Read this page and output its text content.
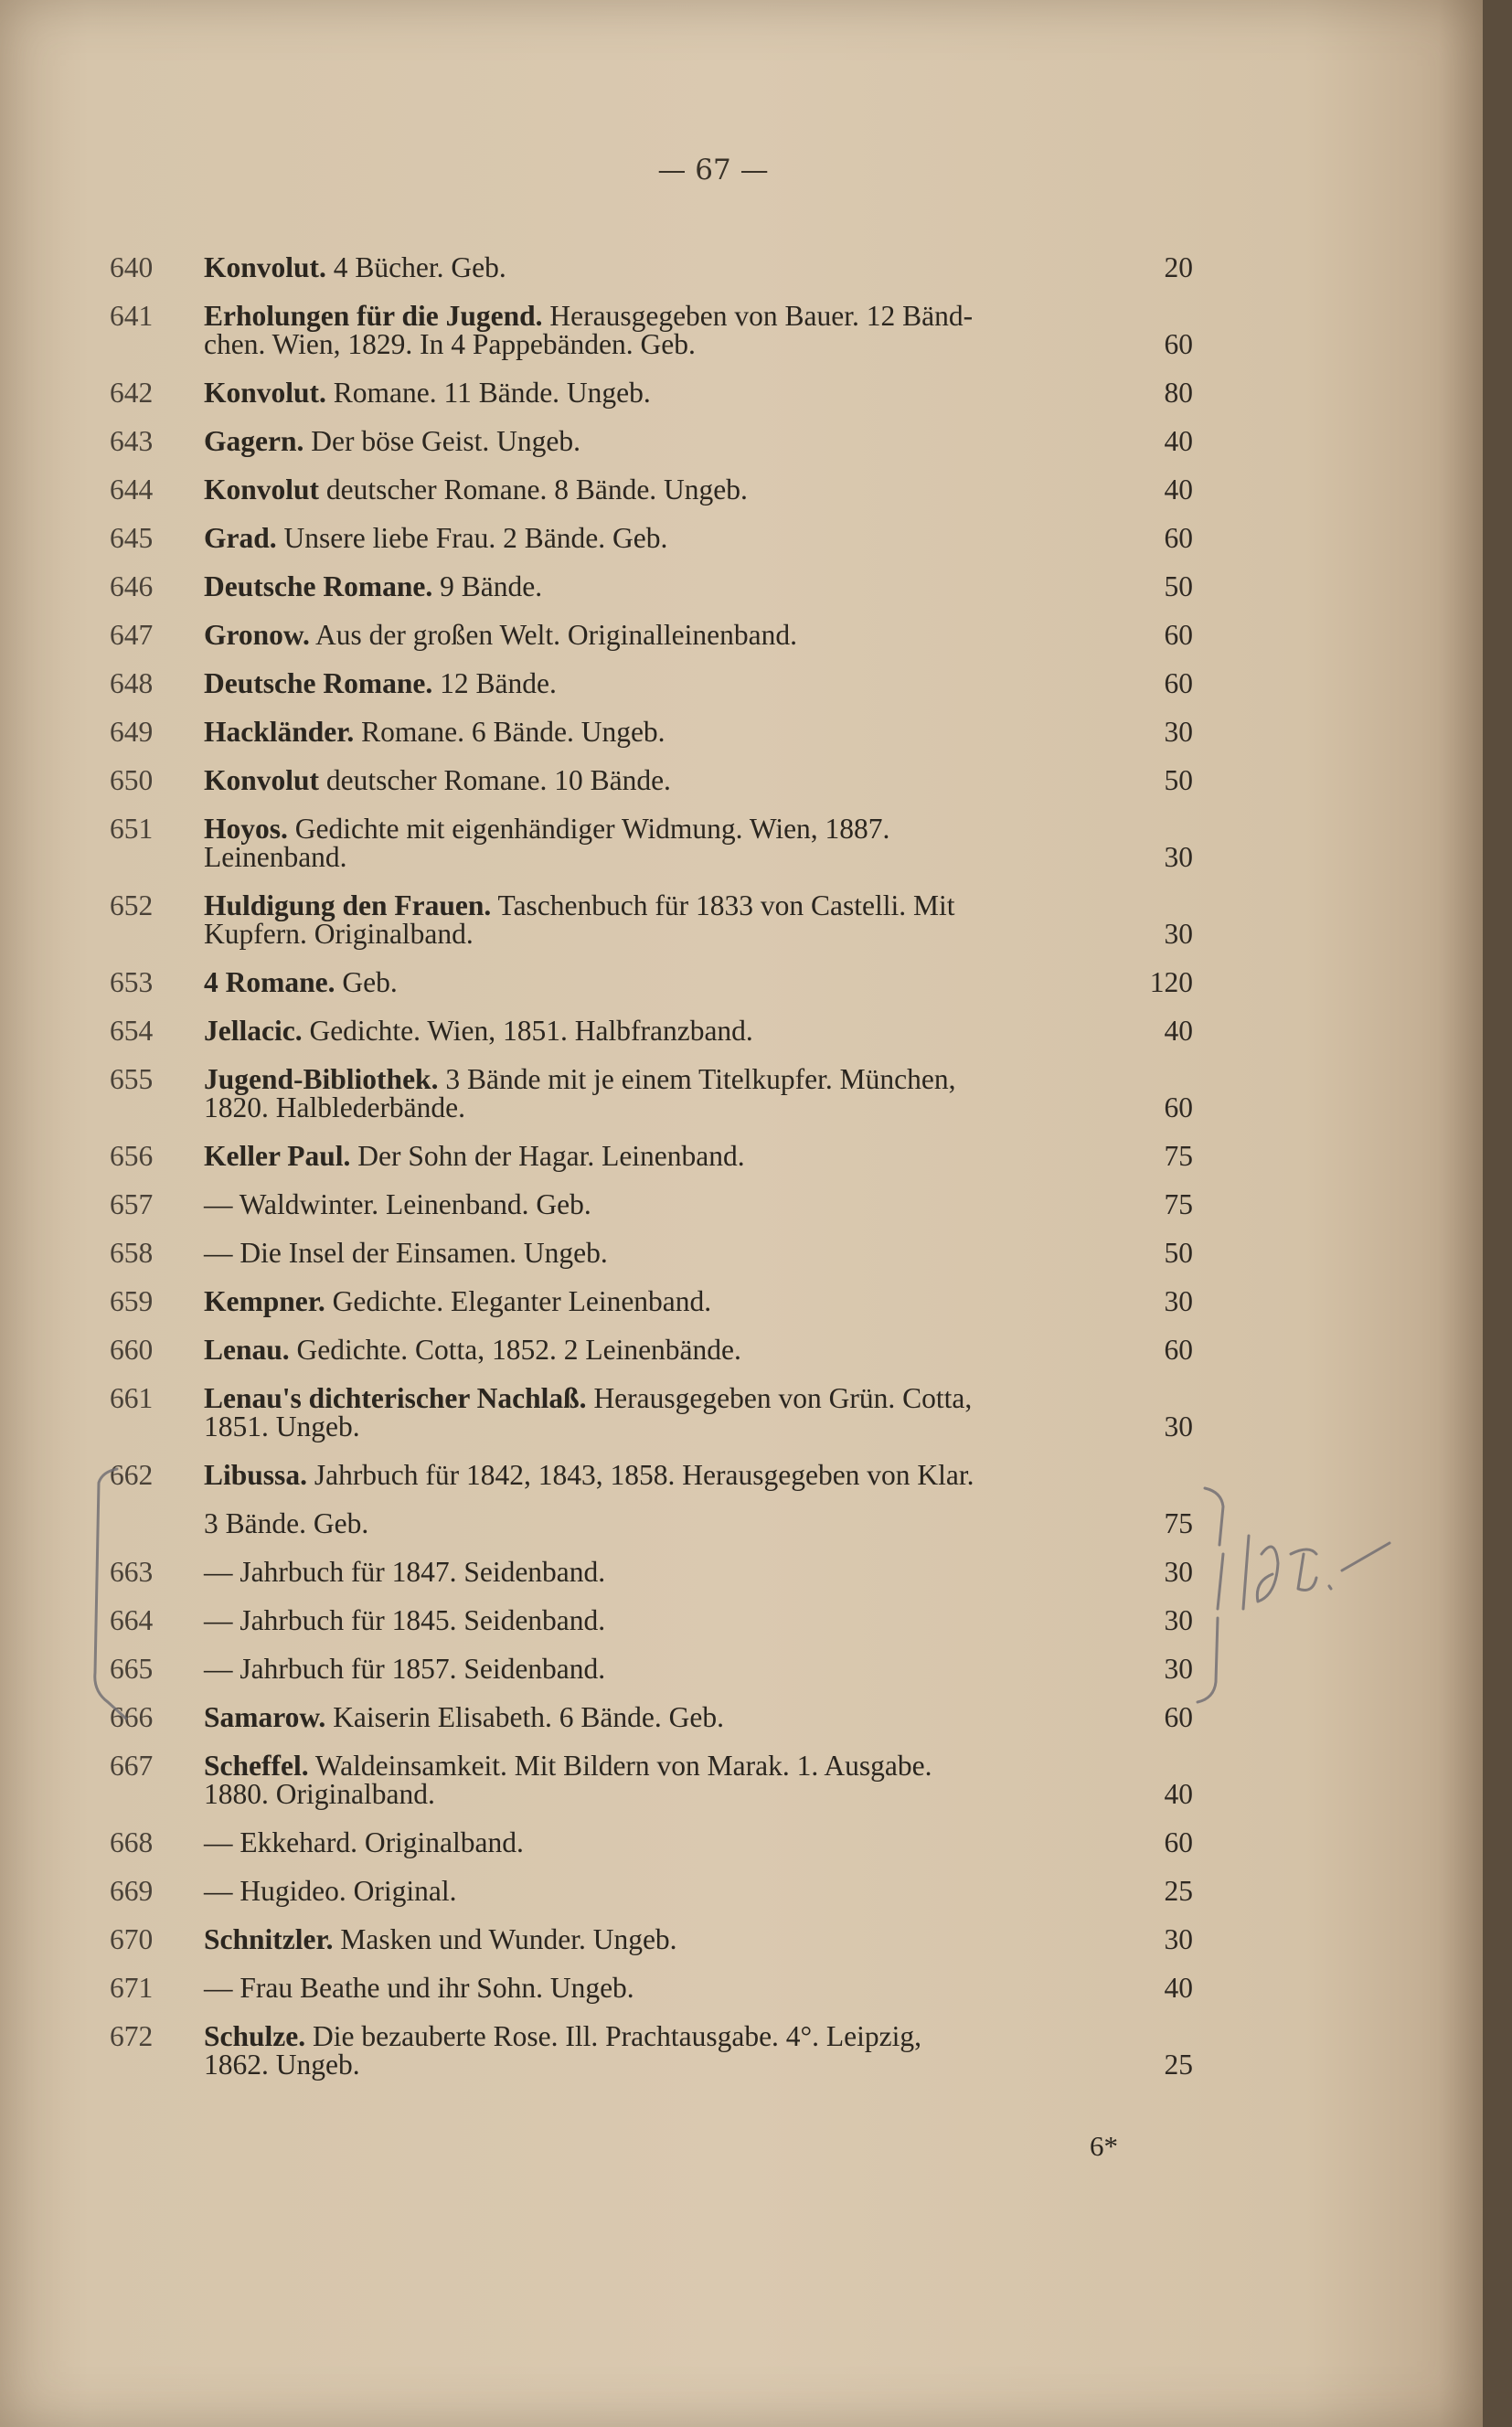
— 67 —
640	Konvolut. 4 Bücher. Geb.	20
641	Erholungen für die Jugend. Herausgegeben von Bauer. 12 Bänd-
chen. Wien, 1829. In 4 Pappebänden. Geb.	60
642	Konvolut. Romane. 11 Bände. Ungeb.	80
643	Gagern. Der böse Geist. Ungeb.	40
644	Konvolut deutscher Romane. 8 Bände. Ungeb.	40
645	Grad. Unsere liebe Frau. 2 Bände. Geb.	60
646	Deutsche Romane. 9 Bände.	50
647	Gronow. Aus der großen Welt. Originalleinenband.	60
648	Deutsche Romane. 12 Bände.	60
649	Hackländer. Romane. 6 Bände. Ungeb.	30
650	Konvolut deutscher Romane. 10 Bände.	50
651	Hoyos. Gedichte mit eigenhändiger Widmung. Wien, 1887.
Leinenband.	30
652	Huldigung den Frauen. Taschenbuch für 1833 von Castelli. Mit
Kupfern. Originalband.	30
653	4 Romane. Geb.	120
654	Jellacic. Gedichte. Wien, 1851. Halbfranzband.	40
655	Jugend-Bibliothek. 3 Bände mit je einem Titelkupfer. München,
1820. Halblederbände.	60
656	Keller Paul. Der Sohn der Hagar. Leinenband.	75
657	— Waldwinter. Leinenband. Geb.	75
658	— Die Insel der Einsamen. Ungeb.	50
659	Kempner. Gedichte. Eleganter Leinenband.	30
660	Lenau. Gedichte. Cotta, 1852. 2 Leinenbände.	60
661	Lenau's dichterischer Nachlaß. Herausgegeben von Grün. Cotta,
1851. Ungeb.	30
662	Libussa. Jahrbuch für 1842, 1843, 1858. Herausgegeben von Klar.
3 Bände. Geb.	75
663	— Jahrbuch für 1847. Seidenband.	30
664	— Jahrbuch für 1845. Seidenband.	30
665	— Jahrbuch für 1857. Seidenband.	30
666	Samarow. Kaiserin Elisabeth. 6 Bände. Geb.	60
667	Scheffel. Waldeinsamkeit. Mit Bildern von Marak. 1. Ausgabe.
1880. Originalband.	40
668	— Ekkehard. Originalband.	60
669	— Hugideo. Original.	25
670	Schnitzler. Masken und Wunder. Ungeb.	30
671	— Frau Beathe und ihr Sohn. Ungeb.	40
672	Schulze. Die bezauberte Rose. Ill. Prachtausgabe. 4°. Leipzig,
1862. Ungeb.	25
6*
